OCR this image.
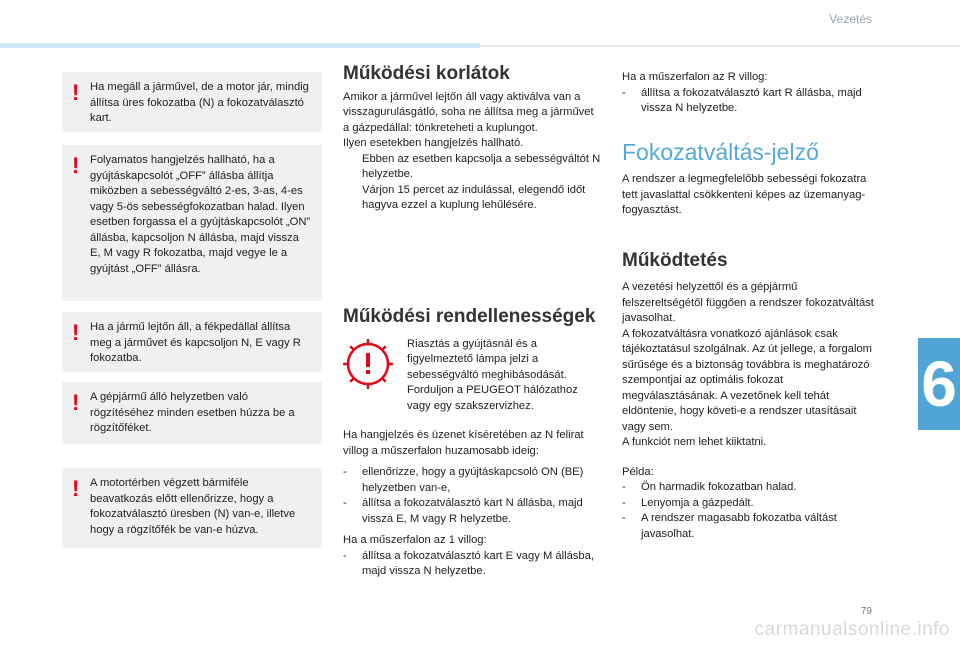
Vezetés
6
! Ha megáll a járművel, de a motor jár, mindig állítsa üres fokozatba (N) a fokozatválasztó kart.
! Folyamatos hangjelzés hallható, ha a gyújtáskapcsolót „OFF” állásba állítja miközben a sebességváltó 2-es, 3-as, 4-es vagy 5-ös sebességfokozatban halad. Ilyen esetben forgassa el a gyújtáskapcsolót „ON” állásba, kapcsoljon N állásba, majd vissza E, M vagy R fokozatba, majd vegye le a gyújtást „OFF” állásra.
! Ha a jármű lejtőn áll, a fékpedállal állítsa meg a járművet és kapcsoljon N, E vagy R fokozatba.
! A gépjármű álló helyzetben való rögzítéséhez minden esetben húzza be a rögzítőféket.
! A motortérben végzett bármiféle beavatkozás előtt ellenőrizze, hogy a fokozatválasztó üresben (N) van-e, illetve hogy a rögzítőfék be van-e húzva.
Működési korlátok
Amikor a járművel lejtőn áll vagy aktiválva van a visszagurulásgátló, soha ne állítsa meg a járművet a gázpedállal: tönkreteheti a kuplungot.
Ilyen esetekben hangjelzés hallható.
Ebben az esetben kapcsolja a sebességváltót N helyzetbe.
Várjon 15 percet az indulással, elegendő időt hagyva ezzel a kuplung lehűlésére.
Működési rendellenességek
Riasztás a gyújtásnál és a figyelmeztető lámpa jelzi a sebességváltó meghibásodását. Forduljon a PEUGEOT hálózathoz vagy egy szakszervizhez.
Ha hangjelzés és üzenet kíséretében az N felirat villog a műszerfalon huzamosabb ideig:
- ellenőrizze, hogy a gyújtáskapcsoló ON (BE) helyzetben van-e,
- állítsa a fokozatválasztó kart N állásba, majd vissza E, M vagy R helyzetbe.
Ha a műszerfalon az 1 villog:
- állítsa a fokozatválasztó kart E vagy M állásba, majd vissza N helyzetbe.
Ha a műszerfalon az R villog:
- állítsa a fokozatválasztó kart R állásba, majd vissza N helyzetbe.
Fokozatváltás-jelző
A rendszer a legmegfelelőbb sebességi fokozatra tett javaslattal csökkenteni képes az üzemanyag-fogyasztást.
Működtetés
A vezetési helyzettől és a gépjármű felszereltségétől függően a rendszer fokozatváltást javasolhat.
A fokozatváltásra vonatkozó ajánlások csak tájékoztatásul szolgálnak. Az út jellege, a forgalom sűrűsége és a biztonság továbbra is meghatározó szempontjai az optimális fokozat megválasztásának. A vezetőnek kell tehát eldöntenie, hogy követi-e a rendszer utasításait vagy sem.
A funkciót nem lehet kiiktatni.
Példa:
- Ön harmadik fokozatban halad.
- Lenyomja a gázpedált.
- A rendszer magasabb fokozatba váltást javasolhat.
79
carmanualsonline.info
